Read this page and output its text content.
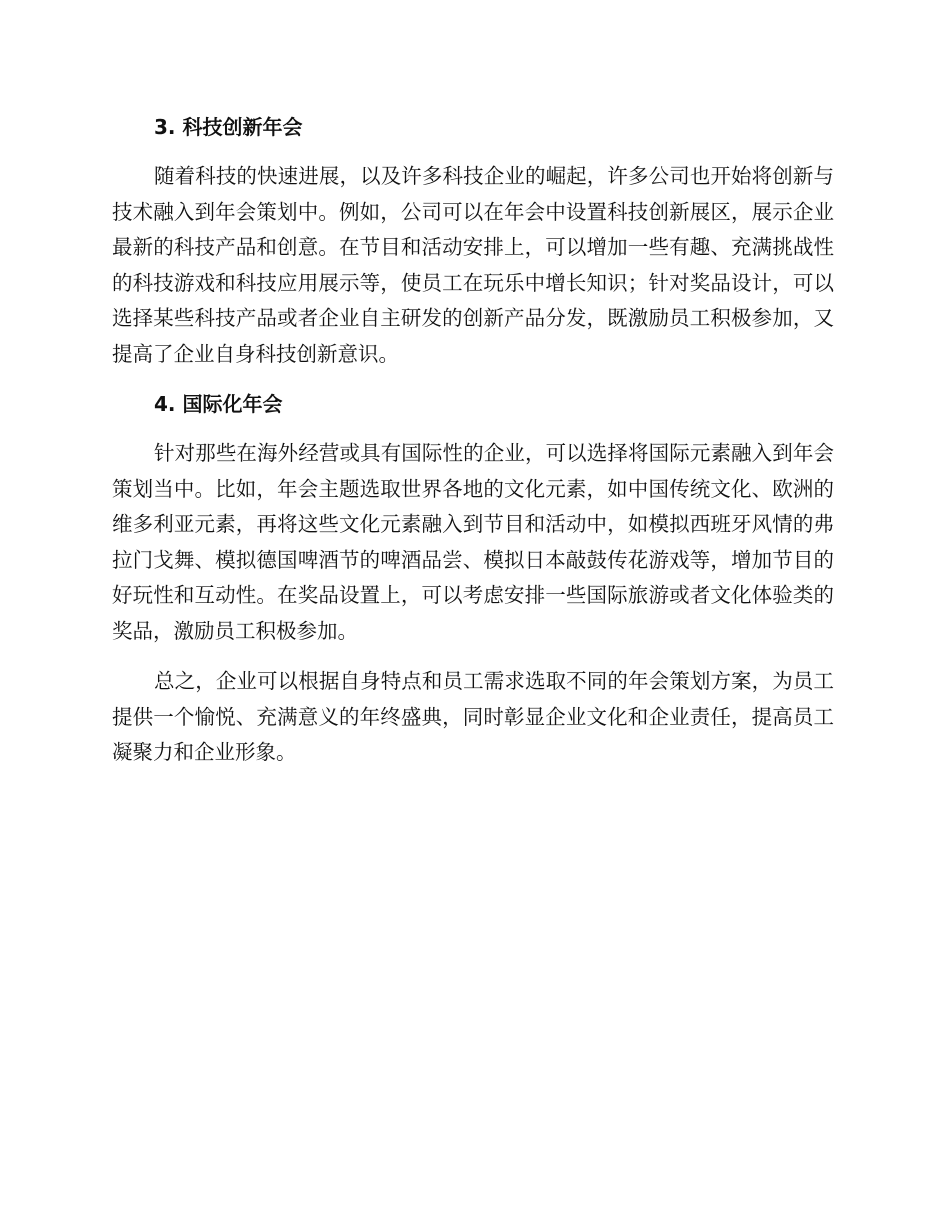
3. 科技创新年会

随着科技的快速进展，以及许多科技企业的崛起，许多公司也开始将创新与技术融入到年会策划中。例如，公司可以在年会中设置科技创新展区，展示企业最新的科技产品和创意。在节目和活动安排上，可以增加一些有趣、充满挑战性的科技游戏和科技应用展示等，使员工在玩乐中增长知识；针对奖品设计，可以选择某些科技产品或者企业自主研发的创新产品分发，既激励员工积极参加，又提高了企业自身科技创新意识。

4. 国际化年会

针对那些在海外经营或具有国际性的企业，可以选择将国际元素融入到年会策划当中。比如，年会主题选取世界各地的文化元素，如中国传统文化、欧洲的维多利亚元素，再将这些文化元素融入到节目和活动中，如模拟西班牙风情的弗拉门戈舞、模拟德国啤酒节的啤酒品尝、模拟日本敲鼓传花游戏等，增加节目的好玩性和互动性。在奖品设置上，可以考虑安排一些国际旅游或者文化体验类的奖品，激励员工积极参加。

总之，企业可以根据自身特点和员工需求选取不同的年会策划方案，为员工提供一个愉悦、充满意义的年终盛典，同时彰显企业文化和企业责任，提高员工凝聚力和企业形象。
